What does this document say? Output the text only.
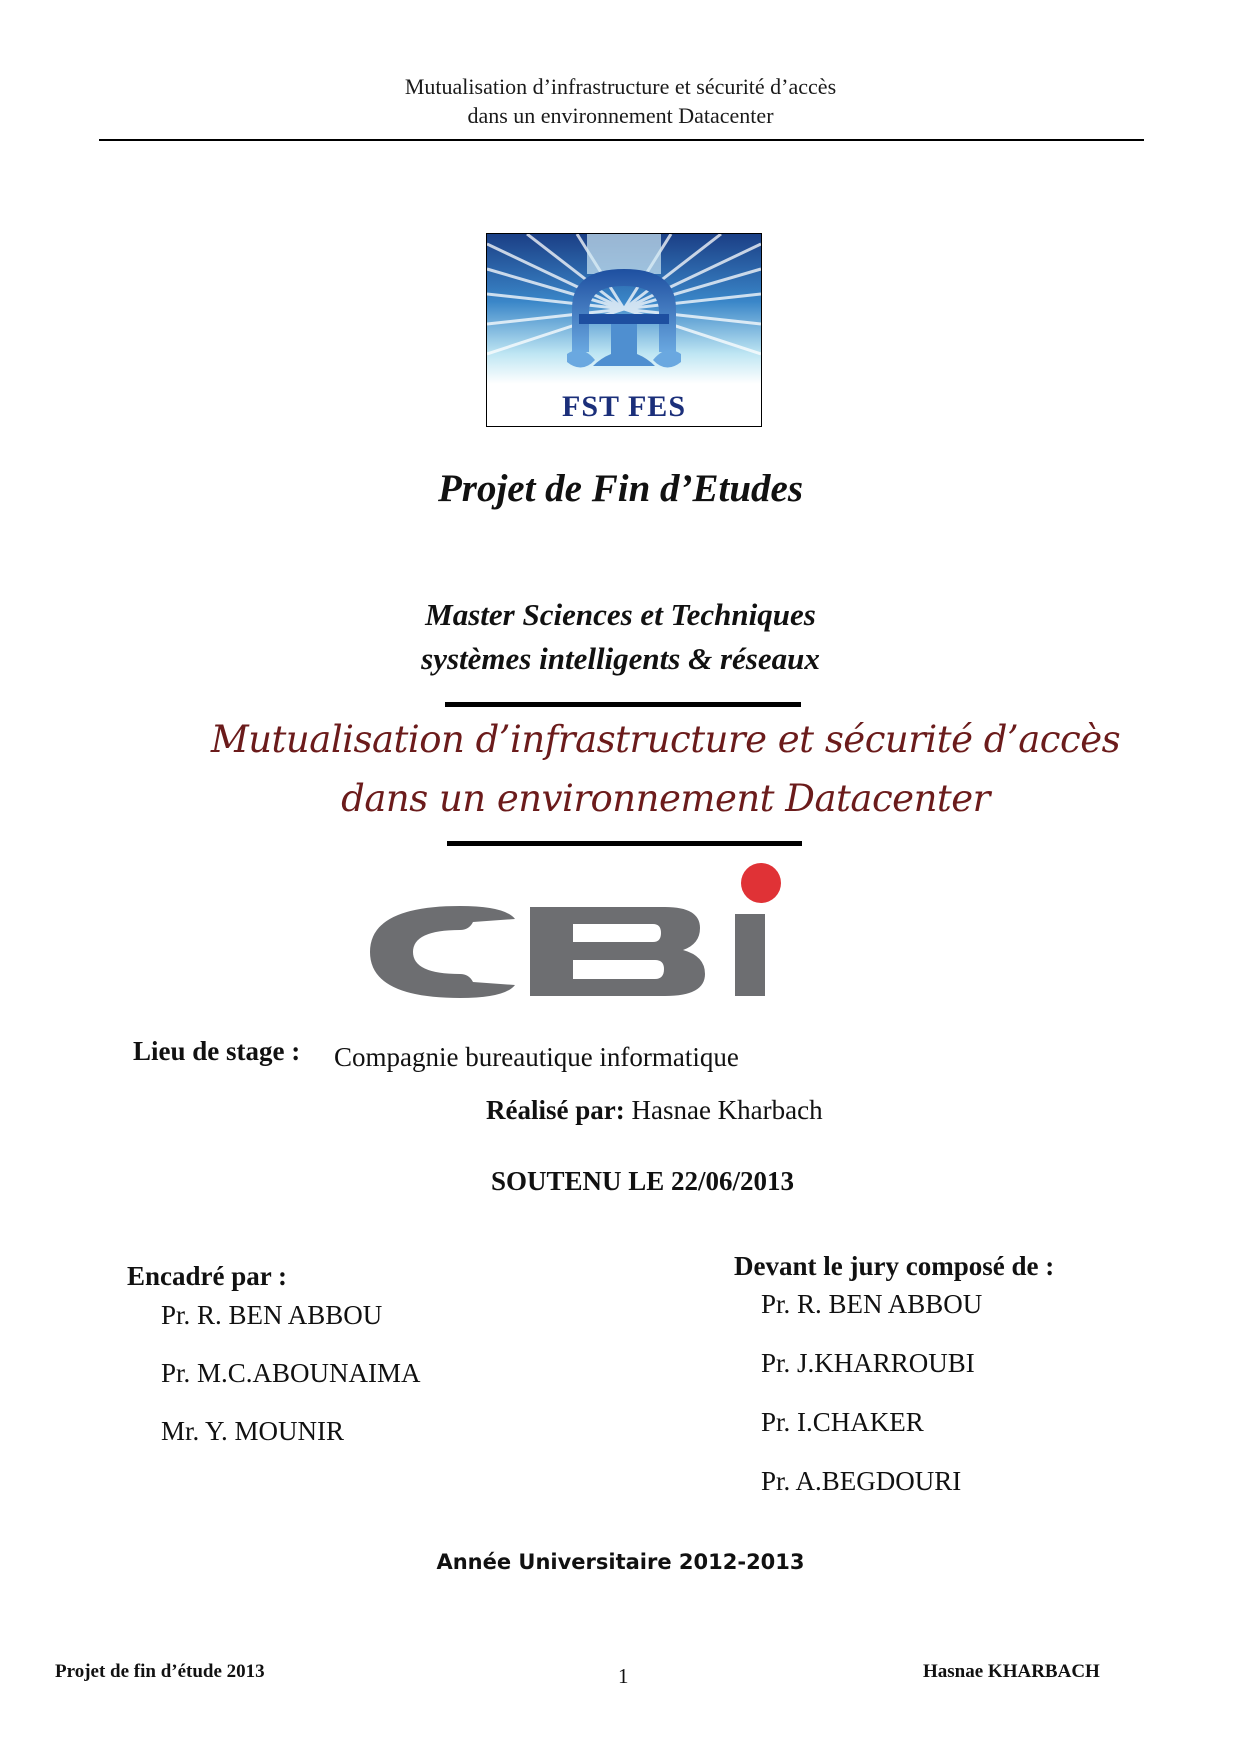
Mutualisation d’infrastructure et sécurité d’accès
dans un environnement Datacenter
FST FES
Projet de Fin d’Etudes
Master Sciences et Techniques
systèmes intelligents & réseaux
Mutualisation d’infrastructure et sécurité d’accès
dans un environnement Datacenter
Lieu de stage : Compagnie bureautique informatique
Réalisé par: Hasnae Kharbach
SOUTENU LE 22/06/2013
Encadré par :
Pr. R. BEN ABBOU
Pr. M.C.ABOUNAIMA
Mr. Y. MOUNIR
Devant le jury composé de :
Pr. R. BEN ABBOU
Pr. J.KHARROUBI
Pr. I.CHAKER
Pr. A.BEGDOURI
Année Universitaire 2012-2013
Projet de fin d’étude 2013	1	Hasnae KHARBACH
